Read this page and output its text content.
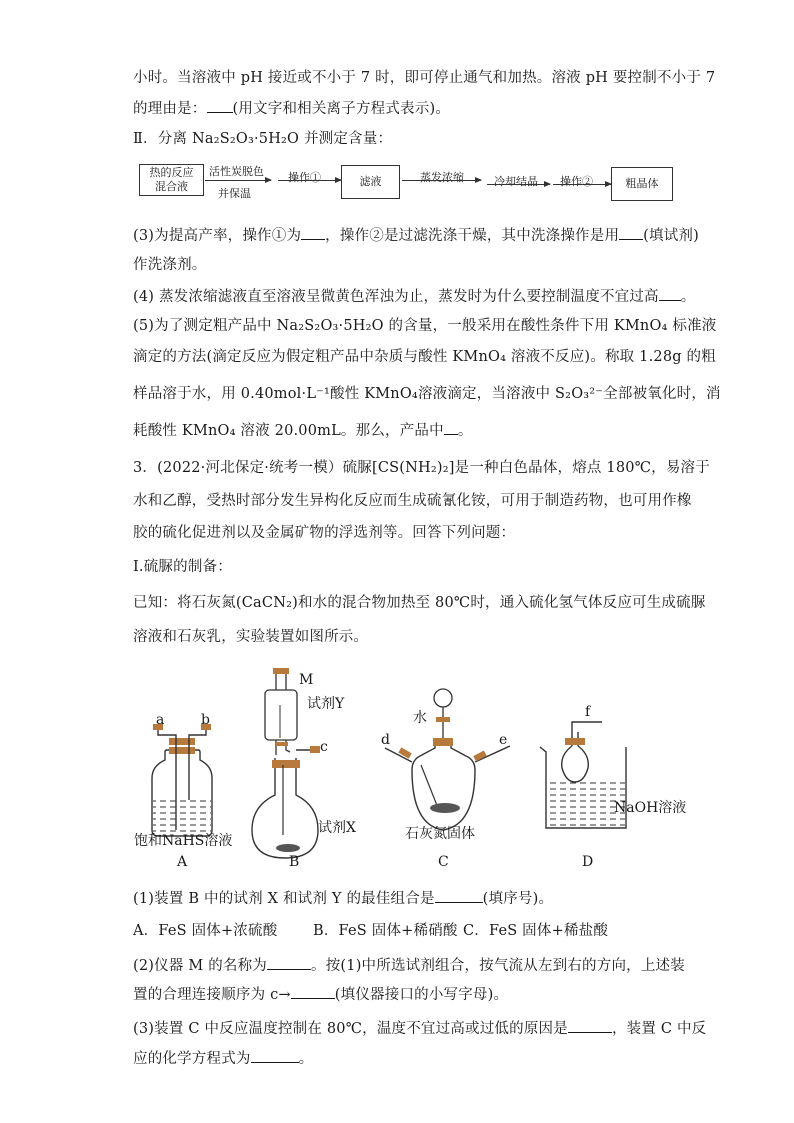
小时。当溶液中 pH 接近或不小于 7 时，即可停止通气和加热。溶液 pH 要控制不小于 7
的理由是： (用文字和相关离子方程式表示)。
Ⅱ．分离 Na₂S₂O₃·5H₂O 并测定含量：
热的反应混合液
活性炭脱色
并保温
操作①	滤液	蒸发浓缩	冷却结晶 操作②	粗晶体
(3)为提高产率，操作①为 ，操作②是过滤洗涤干燥，其中洗涤操作是用 (填试剂)
作洗涤剂。
(4) 蒸发浓缩滤液直至溶液呈微黄色浑浊为止，蒸发时为什么要控制温度不宜过高 。
(5)为了测定粗产品中 Na₂S₂O₃·5H₂O 的含量，一般采用在酸性条件下用 KMnO₄ 标准液
滴定的方法(滴定反应为假定粗产品中杂质与酸性 KMnO₄ 溶液不反应)。称取 1.28g 的粗
样品溶于水，用 0.40mol·L⁻¹酸性 KMnO₄溶液滴定，当溶液中 S₂O₃²⁻全部被氧化时，消
耗酸性 KMnO₄ 溶液 20.00mL。那么，产品中 。
3．(2022·河北保定·统考一模）硫脲[CS(NH₂)₂]是一种白色晶体，熔点 180℃，易溶于
水和乙醇，受热时部分发生异构化反应而生成硫氰化铵，可用于制造药物，也可用作橡
胶的硫化促进剂以及金属矿物的浮选剂等。回答下列问题：
I.硫脲的制备：
已知：将石灰氮(CaCN₂)和水的混合物加热至 80℃时，通入硫化氢气体反应可生成硫脲
溶液和石灰乳，实验装置如图所示。
a	b
饱和NaHS溶液
A
M
试剂Y
c
试剂X
B
水
d	e
石灰氮固体
C
f
NaOH溶液
D
(1)装置 B 中的试剂 X 和试剂 Y 的最佳组合是	(填序号)。
A．FeS 固体+浓硫酸 B．FeS 固体+稀硝酸 C．FeS 固体+稀盐酸
(2)仪器 M 的名称为	。按(1)中所选试剂组合，按气流从左到右的方向，上述装
置的合理连接顺序为 c→	(填仪器接口的小写字母)。
(3)装置 C 中反应温度控制在 80℃，温度不宜过高或过低的原因是	，装置 C 中反
应的化学方程式为	。
